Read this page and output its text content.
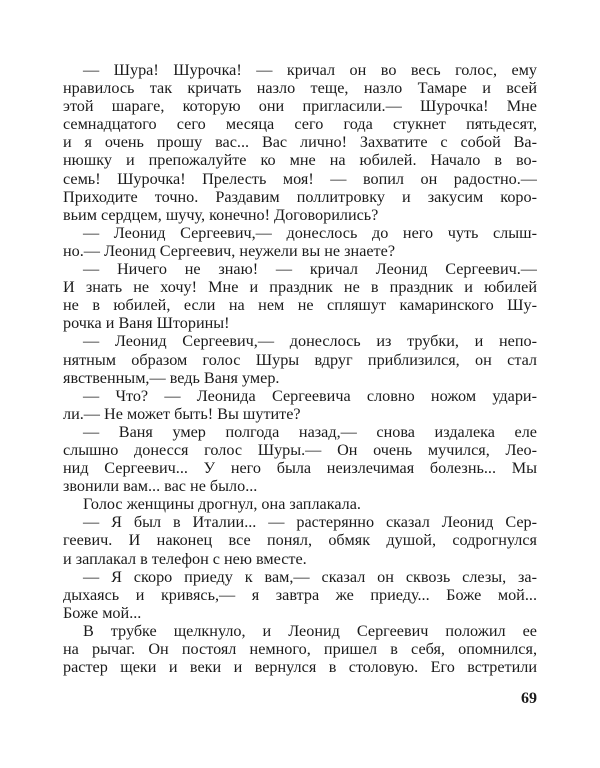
— Шура! Шурочка! — кричал он во весь голос, ему
нравилось так кричать назло теще, назло Тамаре и всей
этой шараге, которую они пригласили.— Шурочка! Мне
семнадцатого сего месяца сего года стукнет пятьдесят,
и я очень прошу вас... Вас лично! Захватите с собой Ва-
нюшку и препожалуйте ко мне на юбилей. Начало в во-
семь! Шурочка! Прелесть моя! — вопил он радостно.—
Приходите точно. Раздавим поллитровку и закусим коро-
вьим сердцем, шучу, конечно! Договорились?
— Леонид Сергеевич,— донеслось до него чуть слыш-
но.— Леонид Сергеевич, неужели вы не знаете?
— Ничего не знаю! — кричал Леонид Сергеевич.—
И знать не хочу! Мне и праздник не в праздник и юбилей
не в юбилей, если на нем не спляшут камаринского Шу-
рочка и Ваня Шторины!
— Леонид Сергеевич,— донеслось из трубки, и непо-
нятным образом голос Шуры вдруг приблизился, он стал
явственным,— ведь Ваня умер.
— Что? — Леонида Сергеевича словно ножом удари-
ли.— Не может быть! Вы шутите?
— Ваня умер полгода назад,— снова издалека еле
слышно донесся голос Шуры.— Он очень мучился, Лео-
нид Сергеевич... У него была неизлечимая болезнь... Мы
звонили вам... вас не было...
Голос женщины дрогнул, она заплакала.
— Я был в Италии... — растерянно сказал Леонид Сер-
геевич. И наконец все понял, обмяк душой, содрогнулся
и заплакал в телефон с нею вместе.
— Я скоро приеду к вам,— сказал он сквозь слезы, за-
дыхаясь и кривясь,— я завтра же приеду... Боже мой...
Боже мой...
В трубке щелкнуло, и Леонид Сергеевич положил ее
на рычаг. Он постоял немного, пришел в себя, опомнился,
растер щеки и веки и вернулся в столовую. Его встретили
69
